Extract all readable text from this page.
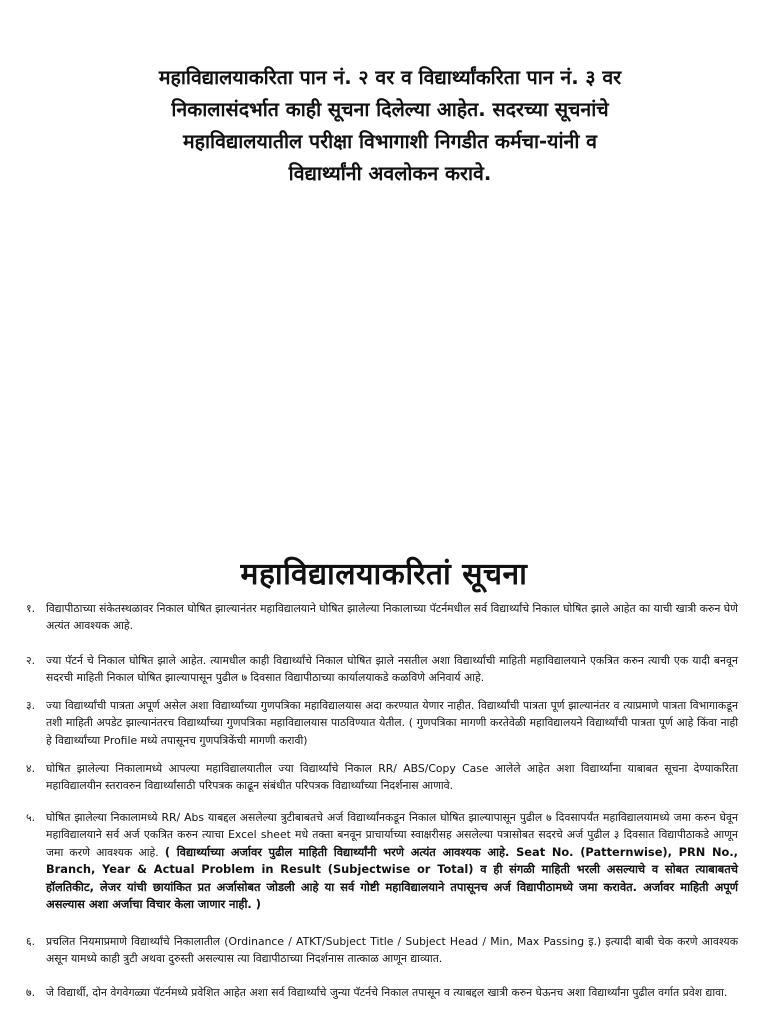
महाविद्यालयाकरिता पान नं. २ वर व विद्यार्थ्यांकरिता पान नं. ३ वर
निकालासंदर्भात काही सूचना दिलेल्या आहेत. सदरच्या सूचनांचे
महाविद्यालयातील परीक्षा विभागाशी निगडीत कर्मचा-यांनी व
विद्यार्थ्यांनी अवलोकन करावे.
महाविद्यालयाकरितां सूचना
१.	विद्यापीठाच्या संकेतस्थळावर निकाल घोषित झाल्यानंतर महाविद्यालयाने घोषित झालेल्या निकालाच्या पॅटर्नमधील सर्व विद्यार्थ्यांचे निकाल घोषित झाले आहेत का याची खात्री करुन घेणे अत्यंत आवश्यक आहे.
२.	ज्या पॅटर्न चे निकाल घोषित झाले आहेत. त्यामधील काही विद्यार्थ्यांचे निकाल घोषित झाले नसतील अशा विद्यार्थ्यांची माहिती महाविद्यालयाने एकत्रित करुन त्याची एक यादी बनवून सदरची माहिती निकाल घोषित झाल्यापासून पुढील ७ दिवसात विद्यापीठाच्या कार्यालयाकडे कळविणे अनिवार्य आहे.
३.	ज्या विद्यार्थ्यांची पात्रता अपूर्ण असेल अशा विद्यार्थ्यांच्या गुणपत्रिका महाविद्यालयास अदा करण्यात येणार नाहीत. विद्यार्थ्यांची पात्रता पूर्ण झाल्यानंतर व त्याप्रमाणे पात्रता विभागाकडून तशी माहिती अपडेट झाल्यानंतरच विद्यार्थ्यांच्या गुणपत्रिका महाविद्यालयास पाठविण्यात येतील. ( गुणपत्रिका मागणी करतेवेळी महाविद्यालयने विद्यार्थ्यांची पात्रता पूर्ण आहे किंवा नाही हे विद्यार्थ्यांच्या Profile मध्ये तपासूनच गुणपत्रिकेंची मागणी करावी)
४.	घोषित झालेल्या निकालामध्ये आपल्या महाविद्यालयातील ज्या विद्यार्थ्यांचे निकाल RR/ ABS/Copy Case आलेले आहेत अशा विद्यार्थ्यांना याबाबत सूचना देण्याकरिता महाविद्यालयीन स्तरावरुन विद्यार्थ्यांसाठी परिपत्रक काढून संबंधीत परिपत्रक विद्यार्थ्यांच्या निदर्शनास आणावे.
५.	घोषित झालेल्या निकालामध्ये RR/ Abs याबद्दल असलेल्या त्रुटीबाबतचे अर्ज विद्यार्थ्यांनकडून निकाल घोषित झाल्यापासून पुढील ७ दिवसापर्यंत महाविद्यालयामध्ये जमा करुन घेवून महाविद्यालयाने सर्व अर्ज एकत्रित करुन त्याचा Excel sheet मधे तक्ता बनवून प्राचार्याच्या स्वाक्षरीसह असलेल्या पत्रासोबत सदरचे अर्ज पुढील ३ दिवसात विद्यापीठाकडे आणून जमा करणे आवश्यक आहे. ( विद्यार्थ्याच्या अर्जावर पुढील माहिती विद्यार्थ्यांनी भरणे अत्यंत आवश्यक आहे. Seat No. (Patternwise), PRN No., Branch, Year & Actual Problem in Result (Subjectwise or Total) व ही संगळी माहिती भरली असल्याचे व सोबत त्याबाबतचे हॉलतिकीट, लेजर यांची छायांकित प्रत अर्जासोबत जोडली आहे या सर्व गोष्टी महाविद्यालयाने तपासूनच अर्ज विद्यापीठामध्ये जमा करावेत. अर्जावर माहिती अपूर्ण असल्यास अशा अर्जाचा विचार केला जाणार नाही. )
६.	प्रचलित नियमाप्रमाणे विद्यार्थ्यांचे निकालातील (Ordinance / ATKT/Subject Title / Subject Head / Min, Max Passing इ.) इत्यादी बाबी चेक करणे आवश्यक असून यामध्ये काही त्रुटी अथवा दुरुस्ती असल्यास त्या विद्यापीठाच्या निदर्शनास तात्काळ आणून द्याव्यात.
७.	जे विद्यार्थी, दोन वेगवेगळ्या पॅटर्नमध्ये प्रवेशित आहेत अशा सर्व विद्यार्थ्यांचे जुन्या पॅटर्नचे निकाल तपासून व त्याबद्दल खात्री करुन घेऊनच अशा विद्यार्थ्यांना पुढील वर्गात प्रवेश द्यावा.
